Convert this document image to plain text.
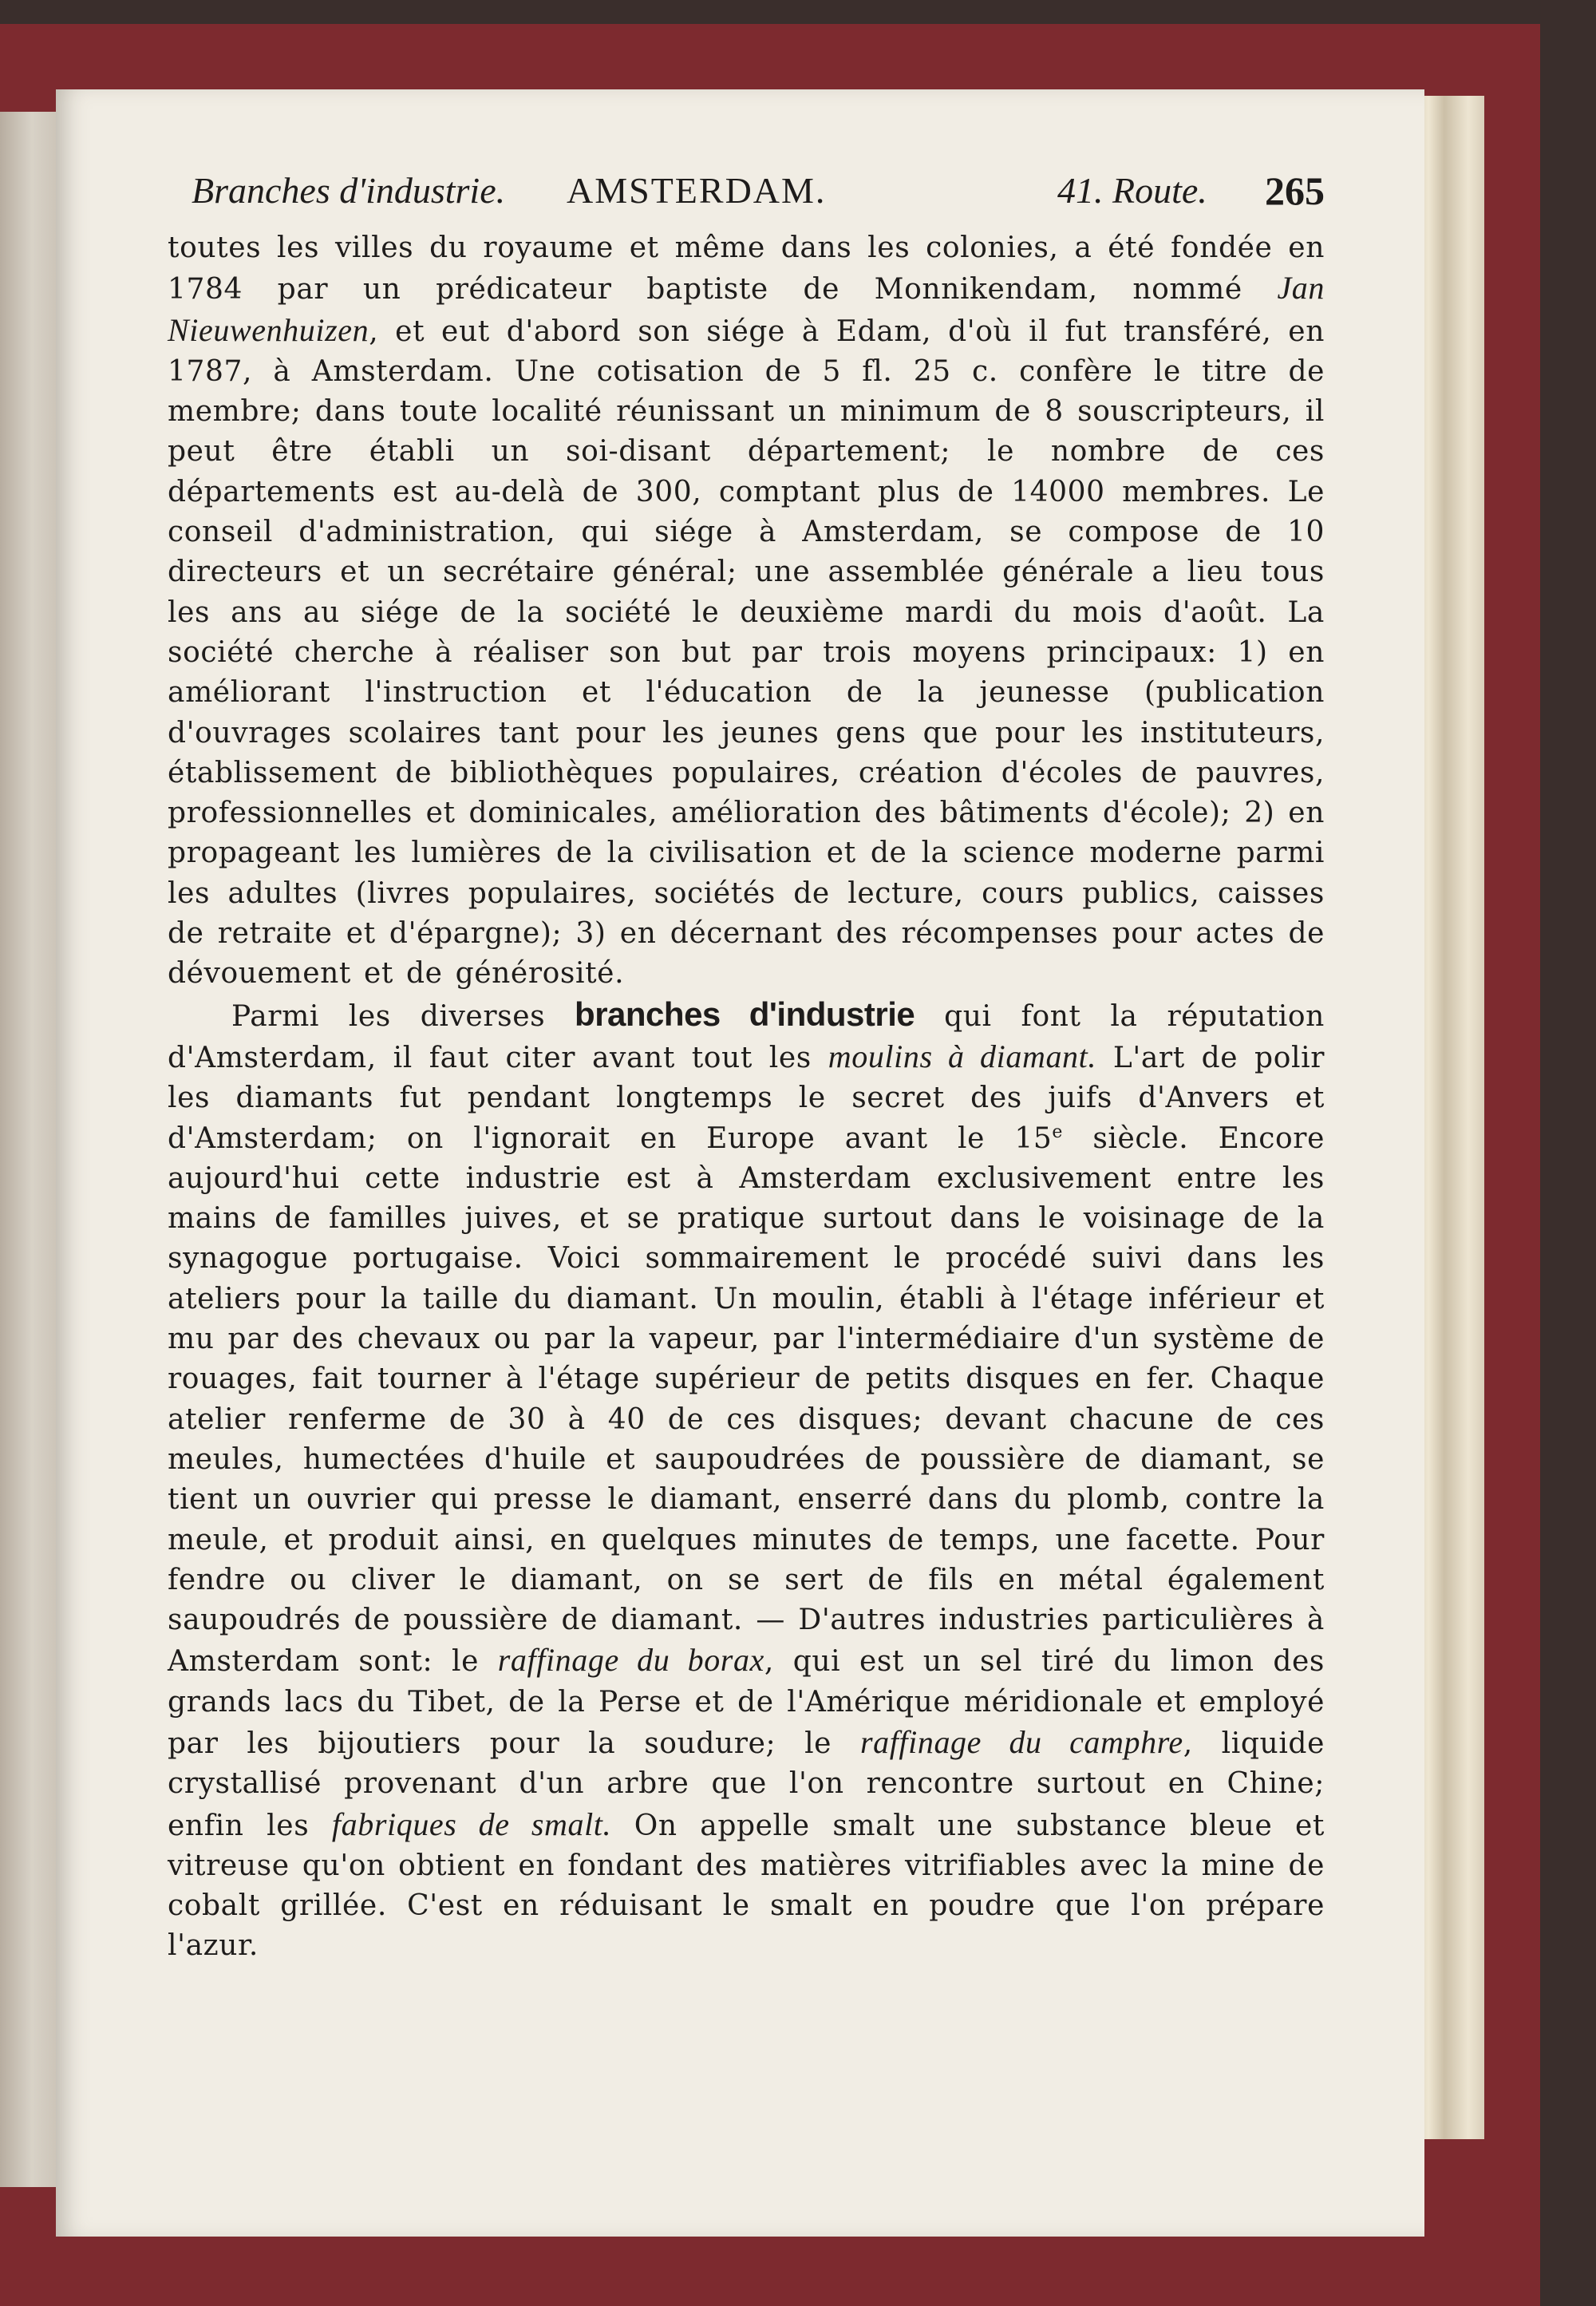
Branches d'industrie. AMSTERDAM.	41. Route. 265

toutes les villes du royaume et même dans les colonies, a été fondée en 1784 par un prédicateur baptiste de Monnikendam, nommé Jan Nieuwenhuizen, et eut d'abord son siége à Edam, d'où il fut transféré, en 1787, à Amsterdam. Une cotisation de 5 fl. 25 c. confère le titre de membre; dans toute localité réunissant un minimum de 8 souscripteurs, il peut être établi un soi-disant département; le nombre de ces départements est au-delà de 300, comptant plus de 14000 membres. Le conseil d'administration, qui siége à Amsterdam, se compose de 10 directeurs et un secrétaire général; une assemblée générale a lieu tous les ans au siége de la société le deuxième mardi du mois d'août. La société cherche à réaliser son but par trois moyens principaux: 1) en améliorant l'instruction et l'éducation de la jeunesse (publication d'ouvrages scolaires tant pour les jeunes gens que pour les instituteurs, établissement de bibliothèques populaires, création d'écoles de pauvres, professionnelles et dominicales, amélioration des bâtiments d'école); 2) en propageant les lumières de la civilisation et de la science moderne parmi les adultes (livres populaires, sociétés de lecture, cours publics, caisses de retraite et d'épargne); 3) en décernant des récompenses pour actes de dévouement et de générosité.

Parmi les diverses branches d'industrie qui font la réputation d'Amsterdam, il faut citer avant tout les moulins à diamant. L'art de polir les diamants fut pendant longtemps le secret des juifs d'Anvers et d'Amsterdam; on l'ignorait en Europe avant le 15e siècle. Encore aujourd'hui cette industrie est à Amsterdam exclusivement entre les mains de familles juives, et se pratique surtout dans le voisinage de la synagogue portugaise. Voici sommairement le procédé suivi dans les ateliers pour la taille du diamant. Un moulin, établi à l'étage inférieur et mu par des chevaux ou par la vapeur, par l'intermédiaire d'un système de rouages, fait tourner à l'étage supérieur de petits disques en fer. Chaque atelier renferme de 30 à 40 de ces disques; devant chacune de ces meules, humectées d'huile et saupoudrées de poussière de diamant, se tient un ouvrier qui presse le diamant, enserré dans du plomb, contre la meule, et produit ainsi, en quelques minutes de temps, une facette. Pour fendre ou cliver le diamant, on se sert de fils en métal également saupoudrés de poussière de diamant. — D'autres industries particulières à Amsterdam sont: le raffinage du borax, qui est un sel tiré du limon des grands lacs du Tibet, de la Perse et de l'Amérique méridionale et employé par les bijoutiers pour la soudure; le raffinage du camphre, liquide crystallisé provenant d'un arbre que l'on rencontre surtout en Chine; enfin les fabriques de smalt. On appelle smalt une substance bleue et vitreuse qu'on obtient en fondant des matières vitrifiables avec la mine de cobalt grillée. C'est en réduisant le smalt en poudre que l'on prépare l'azur.
